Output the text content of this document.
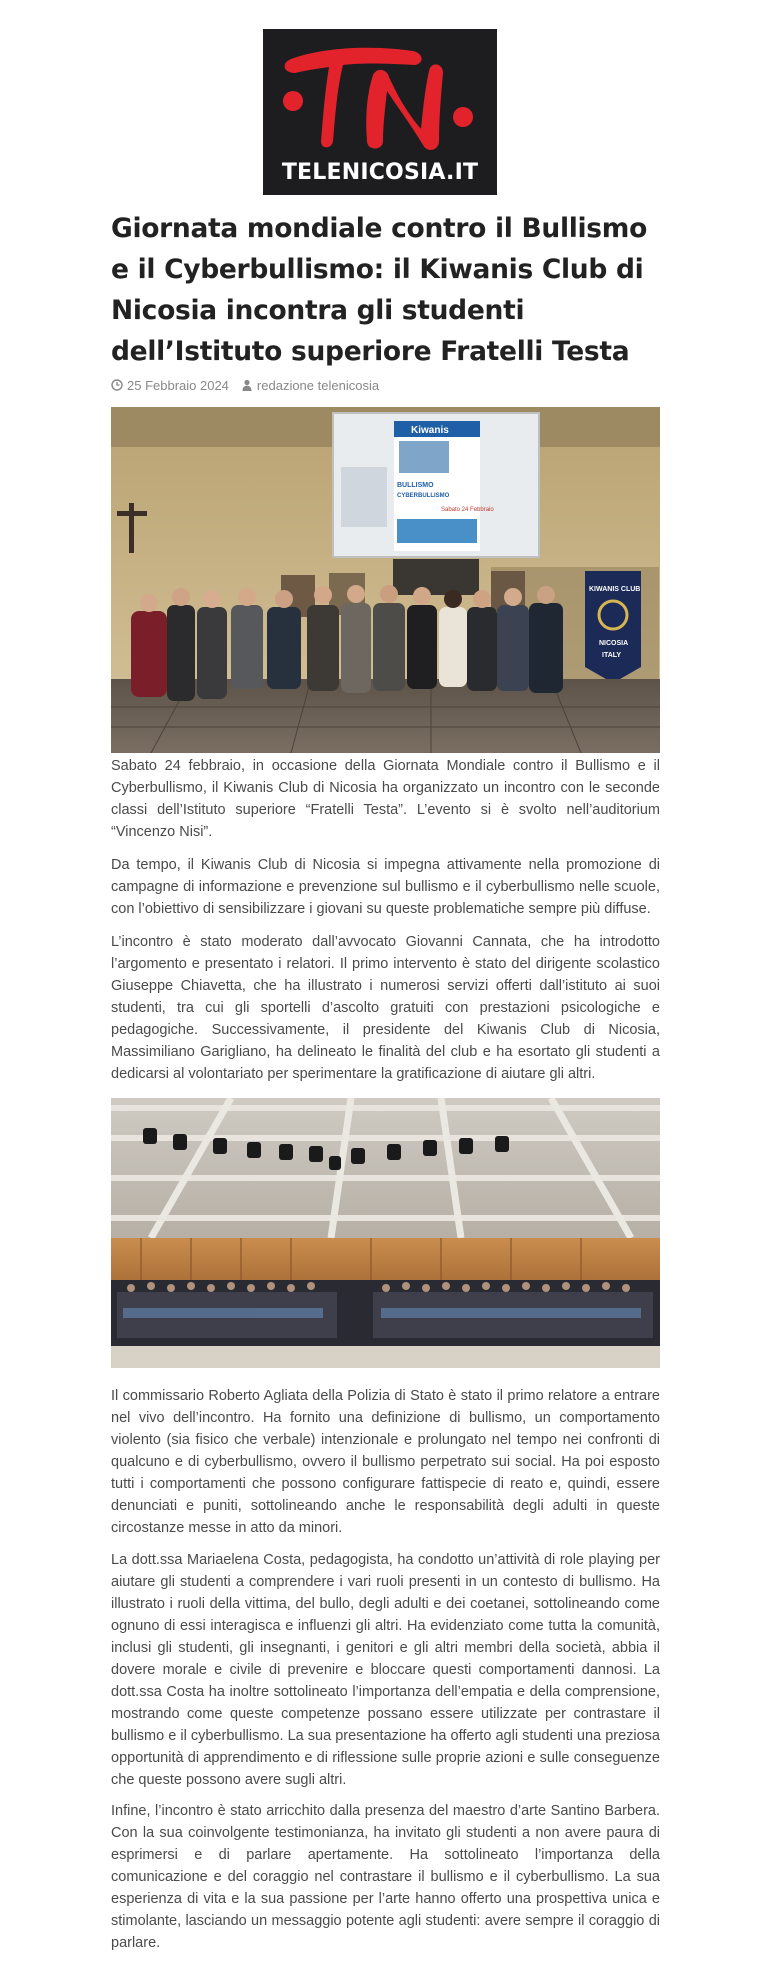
TELENICOSIA.IT
Giornata mondiale contro il Bullismo e il Cyberbullismo: il Kiwanis Club di Nicosia incontra gli studenti dell’Istituto superiore Fratelli Testa
25 Febbraio 2024 redazione telenicosia
Kiwanis
BULLISMO
CYBERBULLISMO
Sabato 24 Febbraio
KIWANIS CLUB
NICOSIA
ITALY

Sabato 24 febbraio, in occasione della Giornata Mondiale contro il Bullismo e il Cyberbullismo, il Kiwanis Club di Nicosia ha organizzato un incontro con le seconde classi dell’Istituto superiore “Fratelli Testa”. L’evento si è svolto nell’auditorium “Vincenzo Nisi”.

Da tempo, il Kiwanis Club di Nicosia si impegna attivamente nella promozione di campagne di informazione e prevenzione sul bullismo e il cyberbullismo nelle scuole, con l’obiettivo di sensibilizzare i giovani su queste problematiche sempre più diffuse.

L’incontro è stato moderato dall’avvocato Giovanni Cannata, che ha introdotto l’argomento e presentato i relatori. Il primo intervento è stato del dirigente scolastico Giuseppe Chiavetta, che ha illustrato i numerosi servizi offerti dall’istituto ai suoi studenti, tra cui gli sportelli d’ascolto gratuiti con prestazioni psicologiche e pedagogiche. Successivamente, il presidente del Kiwanis Club di Nicosia, Massimiliano Garigliano, ha delineato le finalità del club e ha esortato gli studenti a dedicarsi al volontariato per sperimentare la gratificazione di aiutare gli altri.

Il commissario Roberto Agliata della Polizia di Stato è stato il primo relatore a entrare nel vivo dell’incontro. Ha fornito una definizione di bullismo, un comportamento violento (sia fisico che verbale) intenzionale e prolungato nel tempo nei confronti di qualcuno e di cyberbullismo, ovvero il bullismo perpetrato sui social. Ha poi esposto tutti i comportamenti che possono configurare fattispecie di reato e, quindi, essere denunciati e puniti, sottolineando anche le responsabilità degli adulti in queste circostanze messe in atto da minori.

La dott.ssa Mariaelena Costa, pedagogista, ha condotto un’attività di role playing per aiutare gli studenti a comprendere i vari ruoli presenti in un contesto di bullismo. Ha illustrato i ruoli della vittima, del bullo, degli adulti e dei coetanei, sottolineando come ognuno di essi interagisca e influenzi gli altri. Ha evidenziato come tutta la comunità, inclusi gli studenti, gli insegnanti, i genitori e gli altri membri della società, abbia il dovere morale e civile di prevenire e bloccare questi comportamenti dannosi. La dott.ssa Costa ha inoltre sottolineato l’importanza dell’empatia e della comprensione, mostrando come queste competenze possano essere utilizzate per contrastare il bullismo e il cyberbullismo. La sua presentazione ha offerto agli studenti una preziosa opportunità di apprendimento e di riflessione sulle proprie azioni e sulle conseguenze che queste possono avere sugli altri.

Infine, l’incontro è stato arricchito dalla presenza del maestro d’arte Santino Barbera. Con la sua coinvolgente testimonianza, ha invitato gli studenti a non avere paura di esprimersi e di parlare apertamente. Ha sottolineato l’importanza della comunicazione e del coraggio nel contrastare il bullismo e il cyberbullismo. La sua esperienza di vita e la sua passione per l’arte hanno offerto una prospettiva unica e stimolante, lasciando un messaggio potente agli studenti: avere sempre il coraggio di parlare.
